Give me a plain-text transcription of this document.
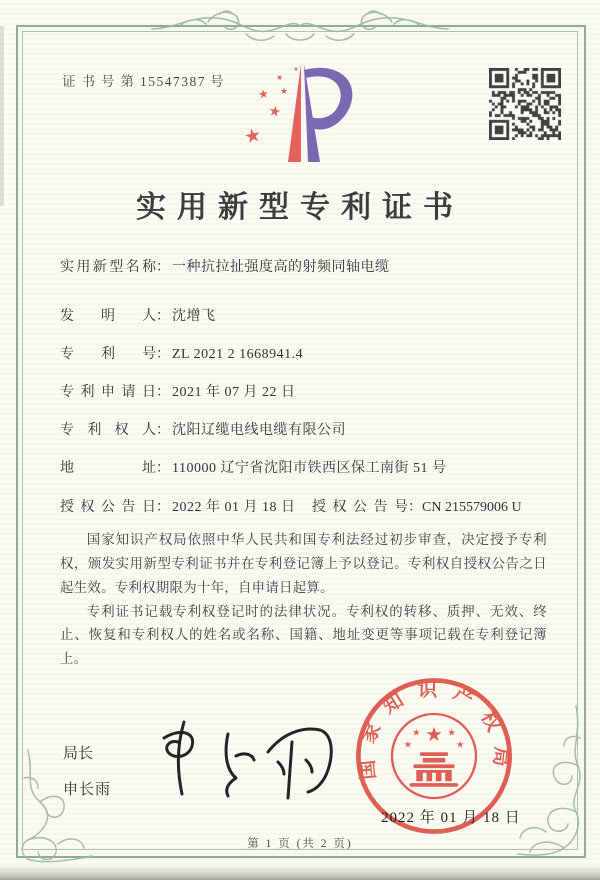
证书号第15547387 号
★
★
★ ★
★
★
实用新型专利证书
实用新型名称： 一种抗拉扯强度高的射频同轴电缆
发明人： 沈增飞
专利号： ZL 2021 2 1668941.4
专利申请日： 2021 年 07 月 22 日
专利权人： 沈阳辽缆电线电缆有限公司
地址： 110000 辽宁省沈阳市铁西区保工南街 51 号
授权公告日： 2022 年 01 月 18 日 授权公告号：CN 215579006 U

国家知识产权局依照中华人民共和国专利法经过初步审查，决定授予专利权，颁发实用新型专利证书并在专利登记簿上予以登记。专利权自授权公告之日起生效。专利权期限为十年，自申请日起算。

专利证书记载专利权登记时的法律状况。专利权的转移、质押、无效、终止、恢复和专利权人的姓名或名称、国籍、地址变更等事项记载在专利登记簿上。

局长
申长雨
国家知识产权局
★
★
★
★
★
2022 年 01 月 18 日
第 1 页 (共 2 页)
